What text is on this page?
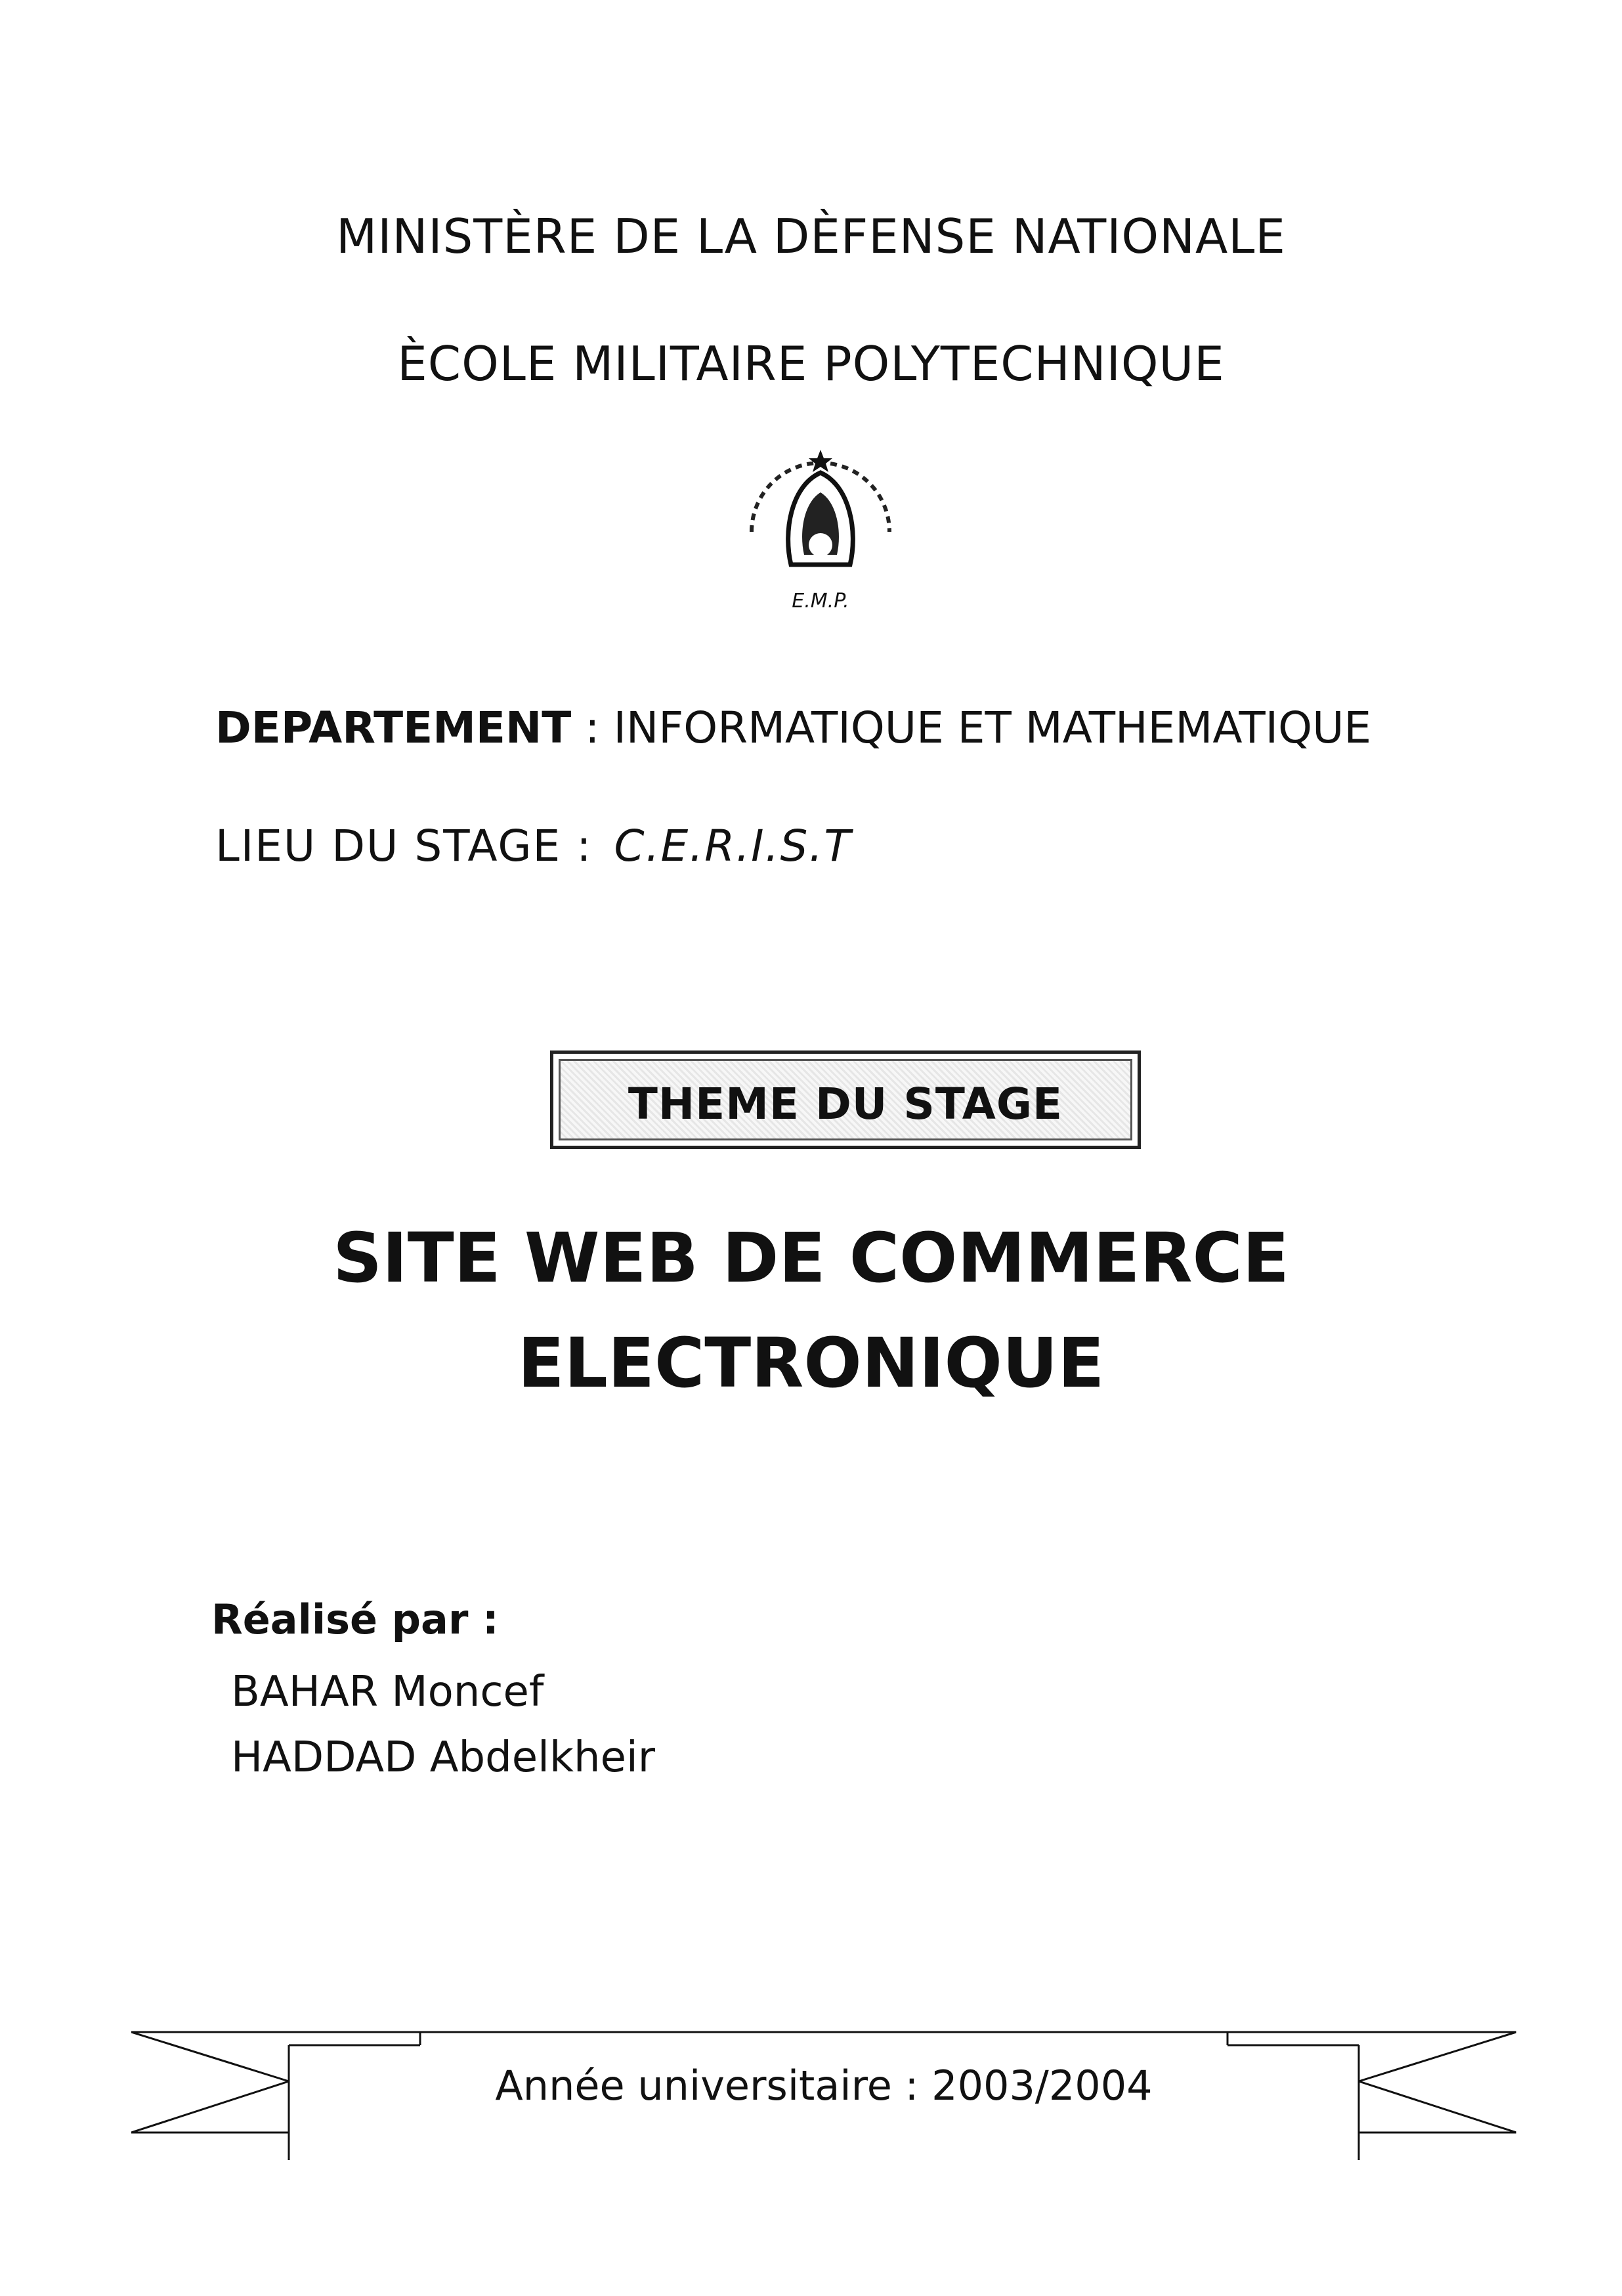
MINISTÈRE DE LA DÈFENSE NATIONALE
ÈCOLE MILITAIRE POLYTECHNIQUE
E.M.P.
DEPARTEMENT : INFORMATIQUE ET MATHEMATIQUE
LIEU DU STAGE : C.E.R.I.S.T
THEME DU STAGE
SITE WEB DE COMMERCE
ELECTRONIQUE
Réalisé par :
BAHAR Moncef
HADDAD Abdelkheir
Année universitaire : 2003/2004
